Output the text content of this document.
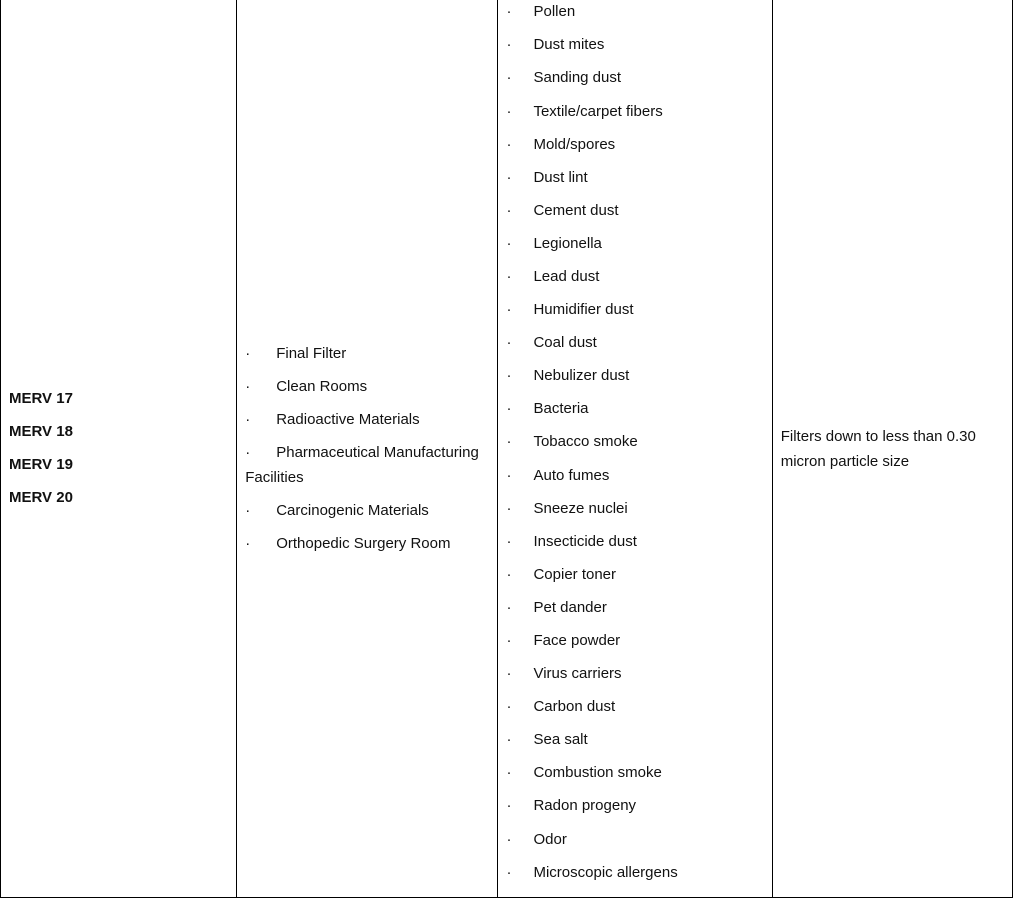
MERV 17
MERV 18
MERV 19
MERV 20

·	Final Filter
·	Clean Rooms
·	Radioactive Materials
·	Pharmaceutical Manufacturing Facilities
·	Carcinogenic Materials
·	Orthopedic Surgery Room

·	Pollen
·	Dust mites
·	Sanding dust
·	Textile/carpet fibers
·	Mold/spores
·	Dust lint
·	Cement dust
·	Legionella
·	Lead dust
·	Humidifier dust
·	Coal dust
·	Nebulizer dust
·	Bacteria
·	Tobacco smoke
·	Auto fumes
·	Sneeze nuclei
·	Insecticide dust
·	Copier toner
·	Pet dander
·	Face powder
·	Virus carriers
·	Carbon dust
·	Sea salt
·	Combustion smoke
·	Radon progeny
·	Odor
·	Microscopic allergens

Filters down to less than 0.30 micron particle size
